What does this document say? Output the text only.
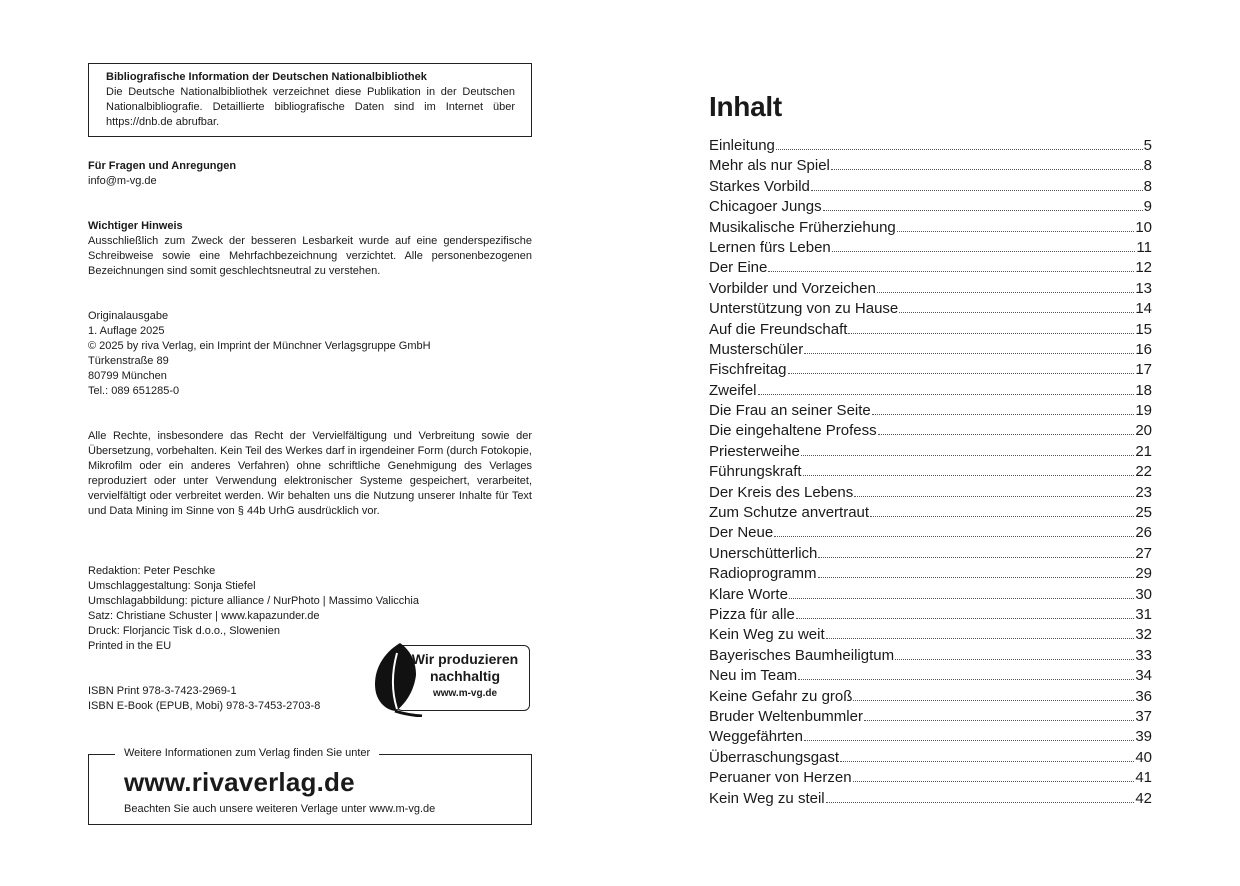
Bibliografische Information der Deutschen Nationalbibliothek

Die Deutsche Nationalbibliothek verzeichnet diese Publikation in der Deutschen Nationalbibliografie. Detaillierte bibliografische Daten sind im Internet über https://dnb.de abrufbar.

Für Fragen und Anregungen

info@m-vg.de

Wichtiger Hinweis

Ausschließlich zum Zweck der besseren Lesbarkeit wurde auf eine genderspezifische Schreibweise sowie eine Mehrfachbezeichnung verzichtet. Alle personenbezogenen Bezeichnungen sind somit geschlechtsneutral zu verstehen.

Originalausgabe

1. Auflage 2025

© 2025 by riva Verlag, ein Imprint der Münchner Verlagsgruppe GmbH

Türkenstraße 89

80799 München

Tel.: 089 651285-0

Alle Rechte, insbesondere das Recht der Vervielfältigung und Verbreitung sowie der Übersetzung, vorbehalten. Kein Teil des Werkes darf in irgendeiner Form (durch Fotokopie, Mikrofilm oder ein anderes Verfahren) ohne schriftliche Genehmigung des Verlages reproduziert oder unter Verwendung elektronischer Systeme gespeichert, verarbeitet, vervielfältigt oder verbreitet werden. Wir behalten uns die Nutzung unserer Inhalte für Text und Data Mining im Sinne von § 44b UrhG ausdrücklich vor.

Redaktion: Peter Peschke

Umschlaggestaltung: Sonja Stiefel

Umschlagabbildung: picture alliance / NurPhoto | Massimo Valicchia

Satz: Christiane Schuster | www.kapazunder.de

Druck: Florjancic Tisk d.o.o., Slowenien

Printed in the EU

ISBN Print 978-3-7423-2969-1

ISBN E-Book (EPUB, Mobi) 978-3-7453-2703-8

Wir produzieren
nachhaltig
www.m-vg.de
Weitere Informationen zum Verlag finden Sie unter
www.rivaverlag.de
Beachten Sie auch unsere weiteren Verlage unter www.m-vg.de
Inhalt
Einleitung	5
Mehr als nur Spiel	8
Starkes Vorbild	8
Chicagoer Jungs	9
Musikalische Früherziehung	10
Lernen fürs Leben	11
Der Eine	12
Vorbilder und Vorzeichen	13
Unterstützung von zu Hause	14
Auf die Freundschaft	15
Musterschüler	16
Fischfreitag	17
Zweifel	18
Die Frau an seiner Seite	19
Die eingehaltene Profess	20
Priesterweihe	21
Führungskraft	22
Der Kreis des Lebens	23
Zum Schutze anvertraut	25
Der Neue	26
Unerschütterlich	27
Radioprogramm	29
Klare Worte	30
Pizza für alle	31
Kein Weg zu weit	32
Bayerisches Baumheiligtum	33
Neu im Team	34
Keine Gefahr zu groß	36
Bruder Weltenbummler	37
Weggefährten	39
Überraschungsgast	40
Peruaner von Herzen	41
Kein Weg zu steil	42
